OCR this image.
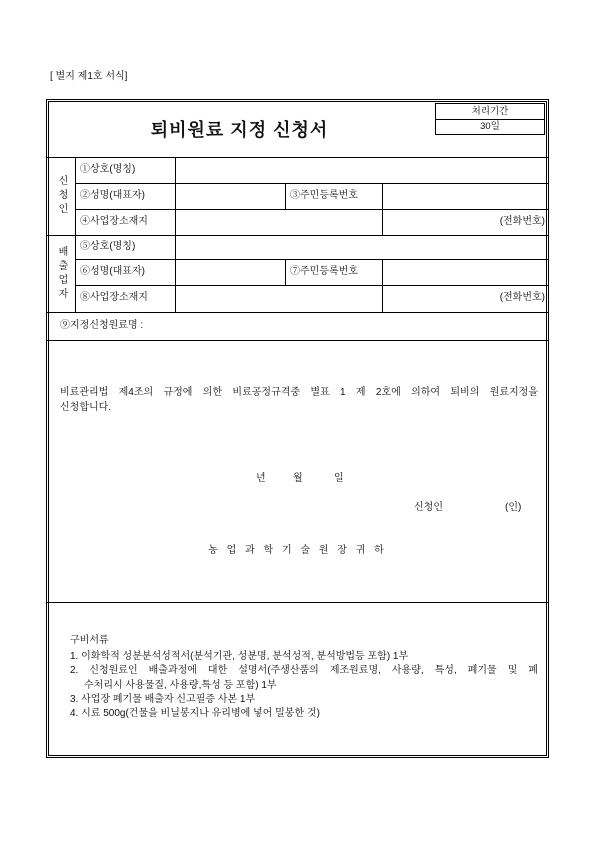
[ 별지 제1호 서식]
퇴비원료 지정 신청서
처리기간
30일
신청인
①상호(명칭)
②성명(대표자)	③주민등록번호
④사업장소재지	(전화번호)
배출업자 ⑤상호(명칭)
⑥성명(대표자)	⑦주민등록번호
⑧사업장소재지	(전화번호)
⑨지정신청원료명 :
비료관리법 제4조의 규정에 의한 비료공정규격중 별표 1 제 2호에 의하여 퇴비의 원료지정을
신청합니다.
년	월	일
신청인	(인)
농 업 과 학 기 술 원 장 귀 하
구비서류
1. 이화학적 성분분석성적서(분석기관, 성분명, 분석성적, 분석방법등 포함) 1부
2. 신청원료인 배출과정에 대한 설명서(주생산품의 제조원료명, 사용량, 특성, 폐기물 및 폐
수처리시 사용물질, 사용량,특성 등 포함) 1부
3. 사업장 폐기물 배출자 신고필증 사본 1부
4. 시료 500g(건물을 비닐봉지나 유리병에 넣어 밀봉한 것)
